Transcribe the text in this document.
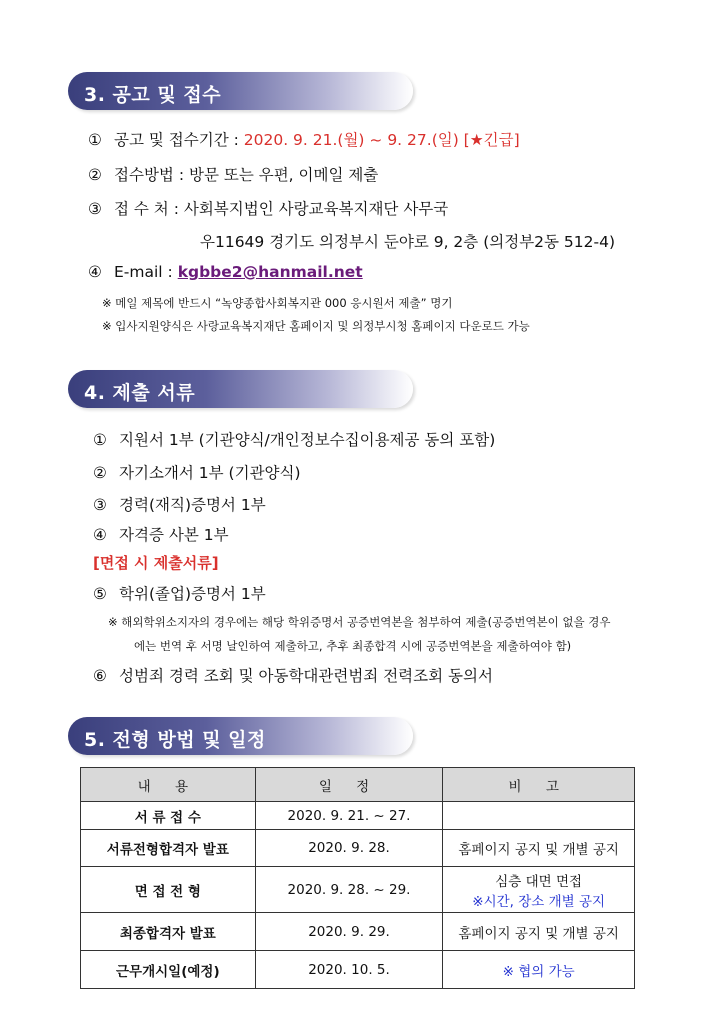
3. 공고 및 접수
① 공고 및 접수기간 : 2020. 9. 21.(월) ~ 9. 27.(일) [★긴급]
② 접수방법 : 방문 또는 우편, 이메일 제출
③ 접 수 처 : 사회복지법인 사랑교육복지재단 사무국
우11649 경기도 의정부시 둔야로 9, 2층 (의정부2동 512-4)
④ E-mail : kgbbe2@hanmail.net
※ 메일 제목에 반드시 “녹양종합사회복지관 000 응시원서 제출” 명기
※ 입사지원양식은 사랑교육복지재단 홈페이지 및 의정부시청 홈페이지 다운로드 가능
4. 제출 서류
① 지원서 1부 (기관양식/개인정보수집이용제공 동의 포함)
② 자기소개서 1부 (기관양식)
③ 경력(재직)증명서 1부
④ 자격증 사본 1부
[면접 시 제출서류]
⑤ 학위(졸업)증명서 1부
※ 해외학위소지자의 경우에는 해당 학위증명서 공증번역본을 첨부하여 제출(공증번역본이 없을 경우
에는 번역 후 서명 날인하여 제출하고, 추후 최종합격 시에 공증번역본을 제출하여야 함)
⑥ 성범죄 경력 조회 및 아동학대관련범죄 전력조회 동의서
5. 전형 방법 및 일정
내 용	일 정	비 고
서 류 접 수	2020. 9. 21. ~ 27.	
서류전형합격자 발표	2020. 9. 28.	홈페이지 공지 및 개별 공지
면 접 전 형	2020. 9. 28. ~ 29.	심층 대면 면접
※시간, 장소 개별 공지

최종합격자 발표	2020. 9. 29.	홈페이지 공지 및 개별 공지
근무개시일(예정)	2020. 10. 5.	※ 협의 가능
